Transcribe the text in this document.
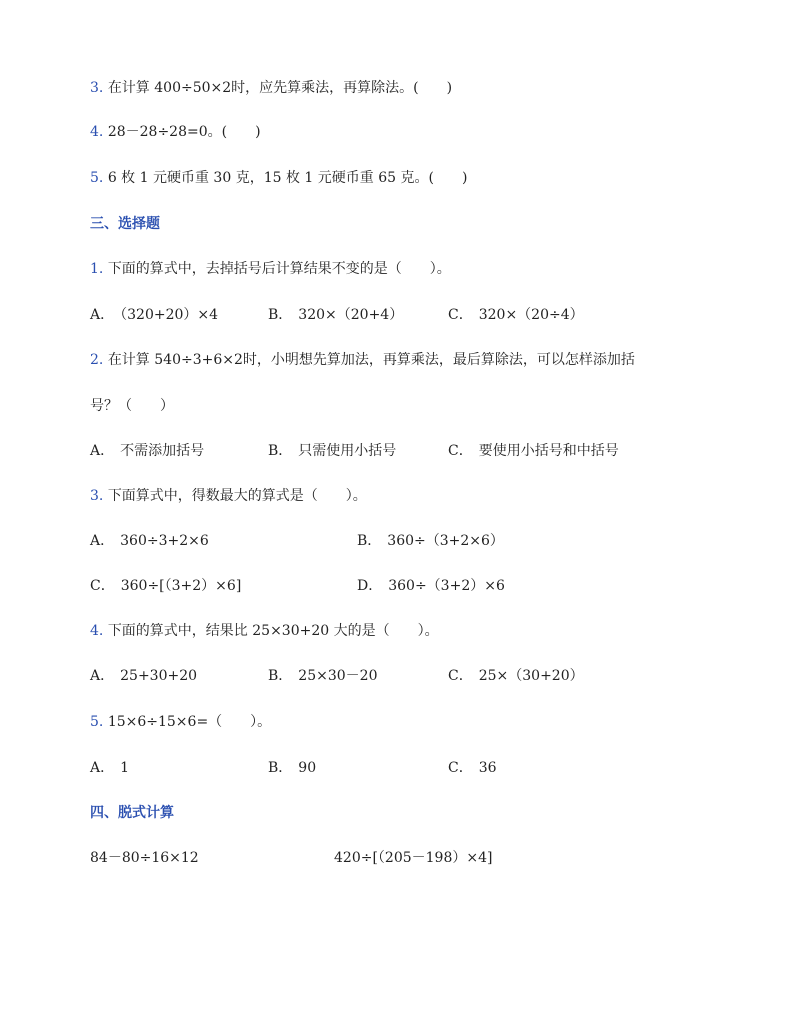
3. 在计算 400÷50×2时，应先算乘法，再算除法。(　　)
4. 28－28÷28=0。(　　)
5. 6 枚 1 元硬币重 30 克，15 枚 1 元硬币重 65 克。(　　)
三、选择题
1. 下面的算式中，去掉括号后计算结果不变的是（　　）。
A． （320+20）×4	B． 320×（20+4）	C． 320×（20÷4）
2. 在计算 540÷3+6×2时，小明想先算加法，再算乘法，最后算除法，可以怎样添加括
号？（　　）
A． 不需添加括号	B． 只需使用小括号	C． 要使用小括号和中括号
3. 下面算式中，得数最大的算式是（　　）。
A． 360÷3+2×6	B． 360÷（3+2×6）
C． 360÷[（3+2）×6]	D． 360÷（3+2）×6
4. 下面的算式中，结果比 25×30+20 大的是（　　）。
A． 25+30+20	B． 25×30－20	C． 25×（30+20）
5. 15×6÷15×6=（　　）。
A． 1	B． 90	C． 36
四、脱式计算
84－80÷16×12	420÷[（205－198）×4]
